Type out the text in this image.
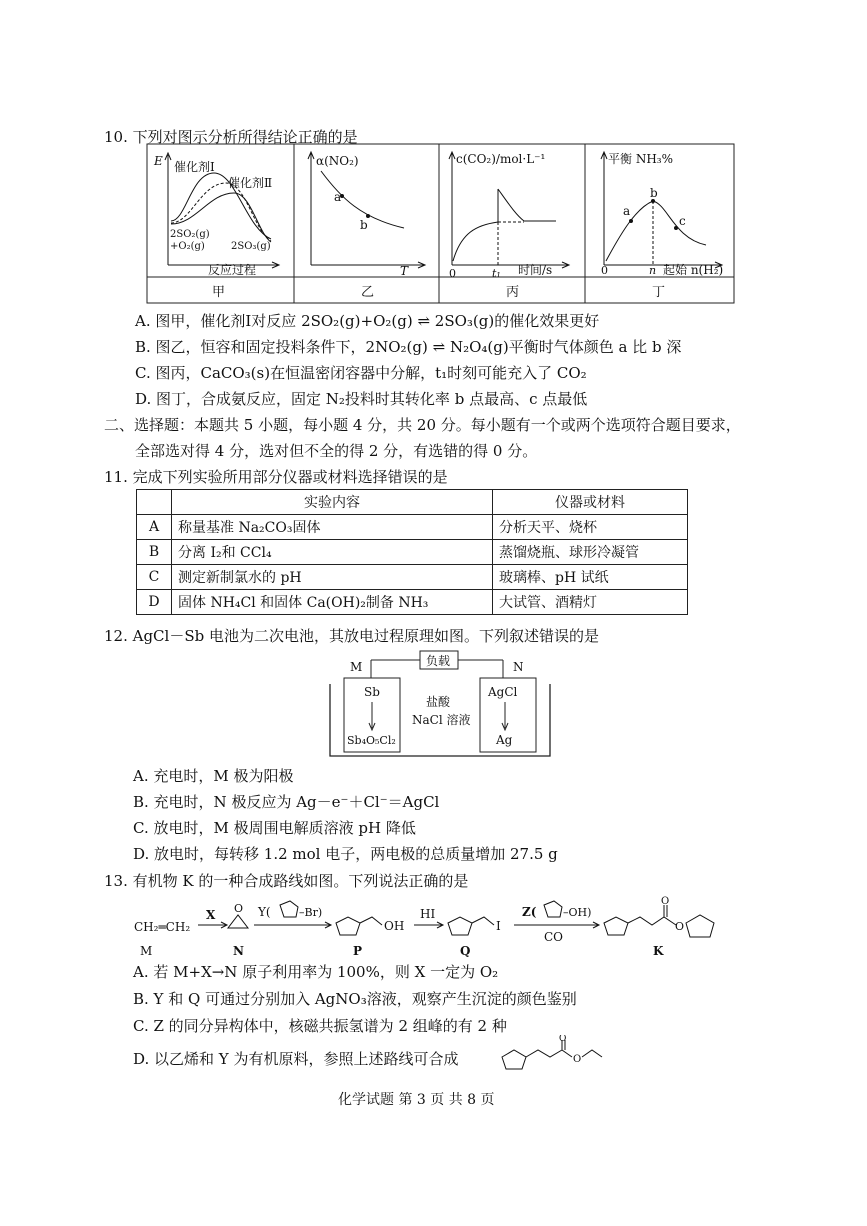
10. 下列对图示分析所得结论正确的是
E 催化剂Ⅰ
催化剂Ⅱ
2SO₂(g)
+O₂(g)	2SO₃(g)
反应过程
甲
α(NO₂)
a
b
T
乙
c(CO₂)/mol·L⁻¹
0	t₁ 时间/s
丙
平衡 NH₃%
a
b
c
0	n 起始 n(H₂)
丁
A. 图甲，催化剂Ⅰ对反应 2SO₂(g)+O₂(g) ⇌ 2SO₃(g)的催化效果更好
B. 图乙，恒容和固定投料条件下，2NO₂(g) ⇌ N₂O₄(g)平衡时气体颜色 a 比 b 深
C. 图丙，CaCO₃(s)在恒温密闭容器中分解，t₁时刻可能充入了 CO₂
D. 图丁，合成氨反应，固定 N₂投料时其转化率 b 点最高、c 点最低
二、选择题：本题共 5 小题，每小题 4 分，共 20 分。每小题有一个或两个选项符合题目要求，
全部选对得 4 分，选对但不全的得 2 分，有选错的得 0 分。
11. 完成下列实验所用部分仪器或材料选择错误的是
	实验内容	仪器或材料
A	称量基准 Na₂CO₃固体	分析天平、烧杯
B	分离 I₂和 CCl₄	蒸馏烧瓶、球形冷凝管
C	测定新制氯水的 pH	玻璃棒、pH 试纸
D	固体 NH₄Cl 和固体 Ca(OH)₂制备 NH₃	大试管、酒精灯
12. AgCl－Sb 电池为二次电池，其放电过程原理如图。下列叙述错误的是
负载
M	N
Sb
Sb₄O₅Cl₂
盐酸
NaCl 溶液
AgCl
Ag
A. 充电时，M 极为阳极
B. 充电时，N 极反应为 Ag－e⁻＋Cl⁻＝AgCl
C. 放电时，M 极周围电解质溶液 pH 降低
D. 放电时，每转移 1.2 mol 电子，两电极的总质量增加 27.5 g
13. 有机物 K 的一种合成路线如图。下列说法正确的是
CH₂═CH₂
X O Y(	–Br)
OH
HI
I
Z( –OH)
CO
O
O
M	N	P	Q	K
A. 若 M+X→N 原子利用率为 100%，则 X 一定为 O₂
B. Y 和 Q 可通过分别加入 AgNO₃溶液，观察产生沉淀的颜色鉴别
C. Z 的同分异构体中，核磁共振氢谱为 2 组峰的有 2 种
D. 以乙烯和 Y 为有机原料，参照上述路线可合成
O
O
化学试题 第 3 页 共 8 页
